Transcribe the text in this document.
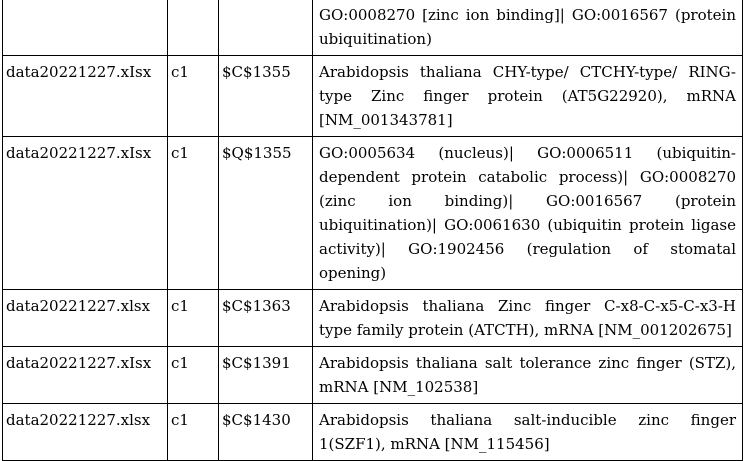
			GO:0008270 [zinc ion binding]| GO:0016567 (protein ubiquitination)
data20221227.xIsx	c1	$C$1355	Arabidopsis thaliana CHY-type/ CTCHY-type/ RING-type Zinc finger protein (AT5G22920), mRNA [NM_001343781]
data20221227.xIsx	c1	$Q$1355	GO:0005634 (nucleus)| GO:0006511 (ubiquitin-dependent protein catabolic process)| GO:0008270 (zinc ion binding)| GO:0016567 (protein ubiquitination)| GO:0061630 (ubiquitin protein ligase activity)| GO:1902456 (regulation of stomatal opening)
data20221227.xlsx	c1	$C$1363	Arabidopsis thaliana Zinc finger C-x8-C-x5-C-x3-H type family protein (ATCTH), mRNA [NM_001202675]
data20221227.xIsx	c1	$C$1391	Arabidopsis thaliana salt tolerance zinc finger (STZ), mRNA [NM_102538]
data20221227.xlsx	c1	$C$1430	Arabidopsis thaliana salt-inducible zinc finger 1(SZF1), mRNA [NM_115456]
